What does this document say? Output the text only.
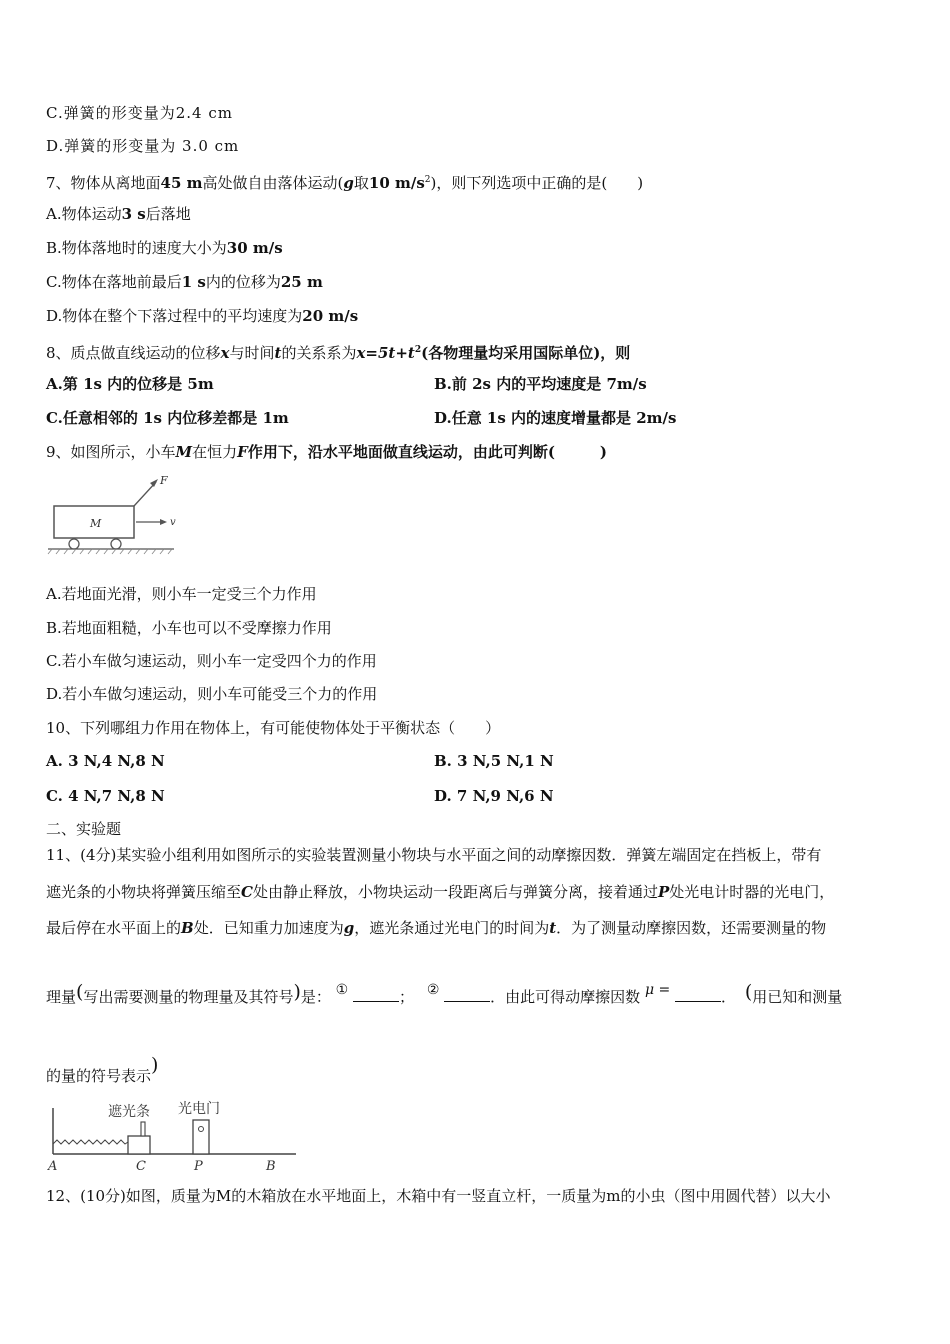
C.弹簧的形变量为2.4 cm
D.弹簧的形变量为 3.0 cm
7、物体从离地面45 m高处做自由落体运动(g取10 $m/s^2$)，则下列选项中正确的是(　　)
A.物体运动3 s后落地
B.物体落地时的速度大小为30 m/s
C.物体在落地前最后1 s内的位移为25 m
D.物体在整个下落过程中的平均速度为20 m/s
8、质点做直线运动的位移x与时间t的关系系为$x=5t+t^2$(各物理量均采用国际单位)，则
A.第 1s 内的位移是 5m	B.前 2s 内的平均速度是 7m/s
C.任意相邻的 1s 内位移差都是 1m	D.任意 1s 内的速度增量都是 2m/s
9、如图所示，小车M在恒力F作用下，沿水平地面做直线运动，由此可判断(　　　)
M
F
v
A.若地面光滑，则小车一定受三个力作用
B.若地面粗糙，小车也可以不受摩擦力作用
C.若小车做匀速运动，则小车一定受四个力的作用
D.若小车做匀速运动，则小车可能受三个力的作用
10、下列哪组力作用在物体上，有可能使物体处于平衡状态（　　）
A. 3 N,4 N,8 N	B. 3 N,5 N,1 N
C. 4 N,7 N,8 N	D. 7 N,9 N,6 N
二、实验题
11、(4分)某实验小组利用如图所示的实验装置测量小物块与水平面之间的动摩擦因数．弹簧左端固定在挡板上，带有
遮光条的小物块将弹簧压缩至C处由静止释放，小物块运动一段距离后与弹簧分离，接着通过P处光电计时器的光电门，
最后停在水平面上的B处．已知重力加速度为g，遮光条通过光电门的时间为t．为了测量动摩擦因数，还需要测量的物
理量(写出需要测量的物理量及其符号)是： ①	； ②	．由此可得动摩擦因数 μ =	． (用已知和测量
的量的符号表示)
遮光条 光电门
A	C	P	B
12、(10分)如图，质量为M的木箱放在水平地面上，木箱中有一竖直立杆，一质量为m的小虫（图中用圆代替）以大小
